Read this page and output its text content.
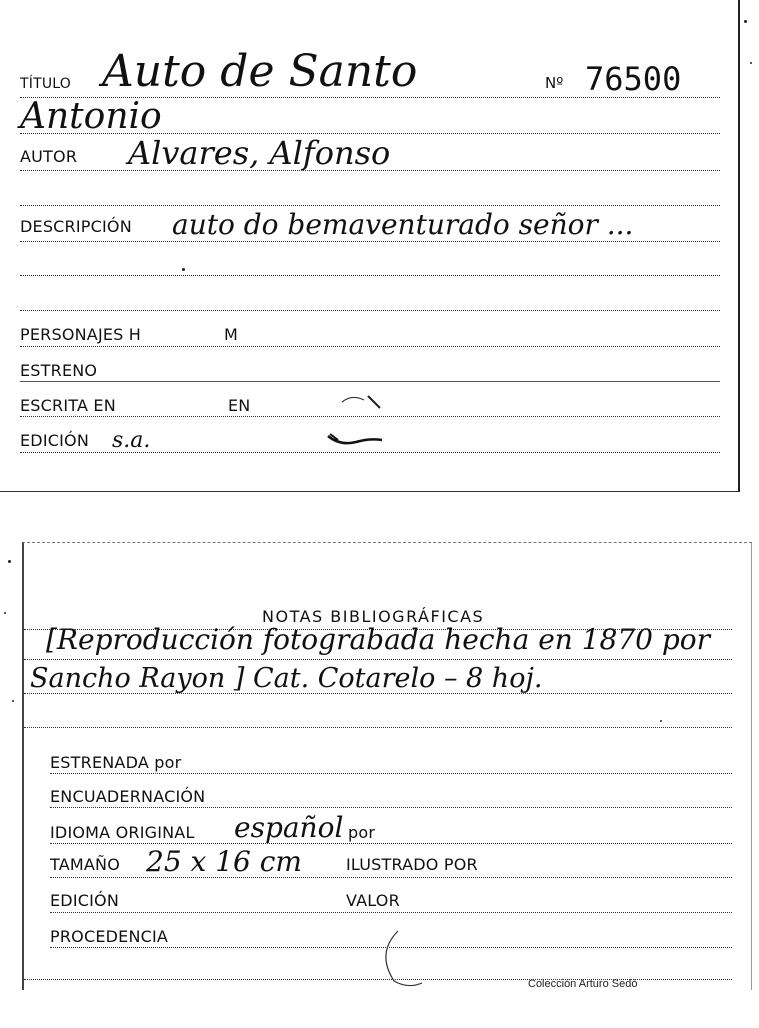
TÍTULO Auto de Santo	Nº 76500
Antonio
AUTOR Alvares, Alfonso
DESCRIPCIÓN auto do bemaventurado señor ...
PERSONAJES H	M
ESTRENO
ESCRITA EN	EN
EDICIÓN s.a.
NOTAS BIBLIOGRÁFICAS
[Reproducción fotograbada hecha en 1870 por
Sancho Rayon ] Cat. Cotarelo – 8 hoj.
ESTRENADA por
ENCUADERNACIÓN
IDIOMA ORIGINAL español por
TAMAÑO 25 x 16 cm	ILUSTRADO POR
EDICIÓN	VALOR
PROCEDENCIA
Colección Arturo Sedó
